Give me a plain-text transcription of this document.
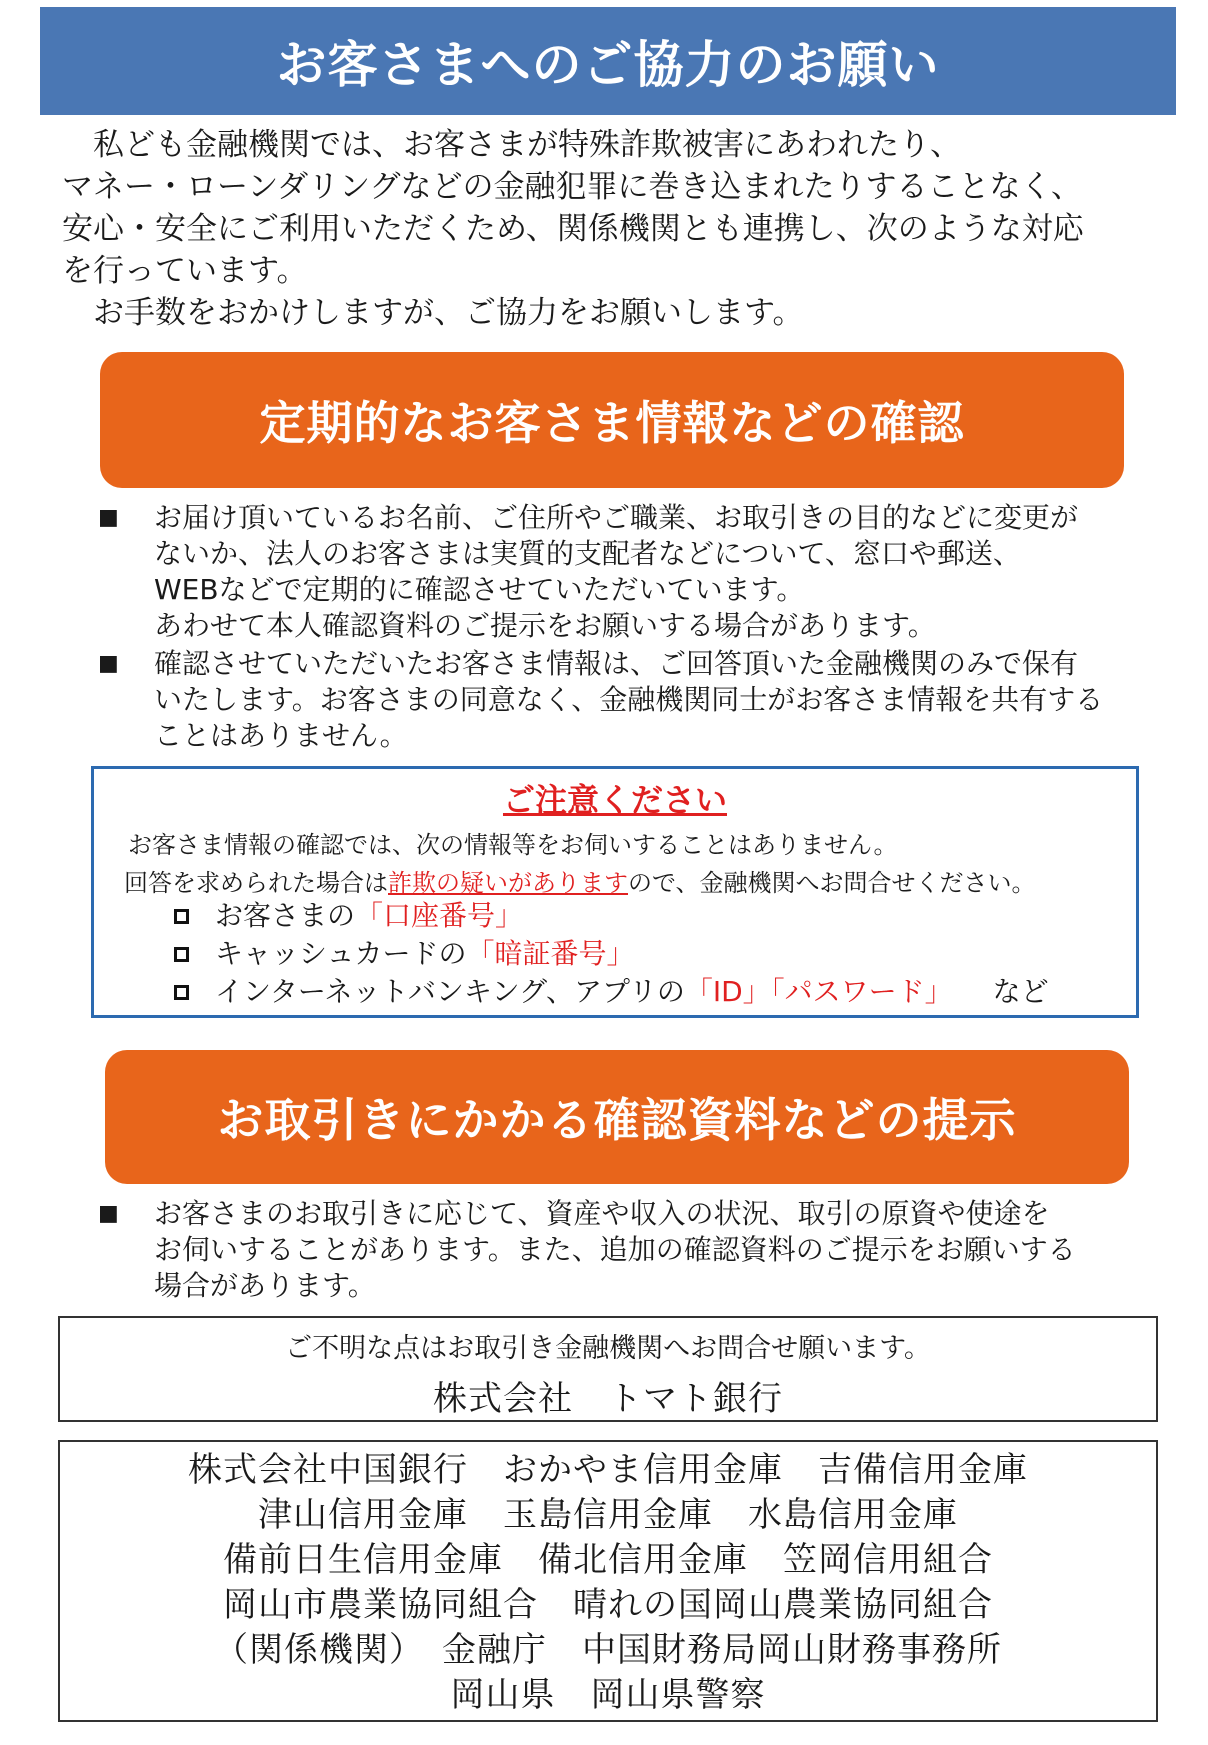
お客さまへのご協力のお願い
　私ども金融機関では、お客さまが特殊詐欺被害にあわれたり、
マネー・ローンダリングなどの金融犯罪に巻き込まれたりすることなく、
安心・安全にご利用いただくため、関係機関とも連携し、次のような対応
を行っています。
　お手数をおかけしますが、ご協力をお願いします。
定期的なお客さま情報などの確認
■	お届け頂いているお名前、ご住所やご職業、お取引きの目的などに変更が
ないか、法人のお客さまは実質的支配者などについて、窓口や郵送、
WEBなどで定期的に確認させていただいています。
あわせて本人確認資料のご提示をお願いする場合があります。
■	確認させていただいたお客さま情報は、ご回答頂いた金融機関のみで保有
いたします。お客さまの同意なく、金融機関同士がお客さま情報を共有する
ことはありません。
ご注意ください
お客さま情報の確認では、次の情報等をお伺いすることはありません。
回答を求められた場合は詐欺の疑いがありますので、金融機関へお問合せください。
お客さまの 「口座番号」
キャッシュカードの 「暗証番号」
インターネットバンキング、アプリの 「ID」「パスワード」 など
お取引きにかかる確認資料などの提示
■	お客さまのお取引きに応じて、資産や収入の状況、取引の原資や使途を
お伺いすることがあります。また、追加の確認資料のご提示をお願いする
場合があります。
ご不明な点はお取引き金融機関へお問合せ願います。
株式会社　トマト銀行
株式会社中国銀行　おかやま信用金庫　吉備信用金庫
津山信用金庫　玉島信用金庫　水島信用金庫
備前日生信用金庫　備北信用金庫　笠岡信用組合
岡山市農業協同組合　晴れの国岡山農業協同組合
（関係機関）　金融庁　中国財務局岡山財務事務所
岡山県　岡山県警察
